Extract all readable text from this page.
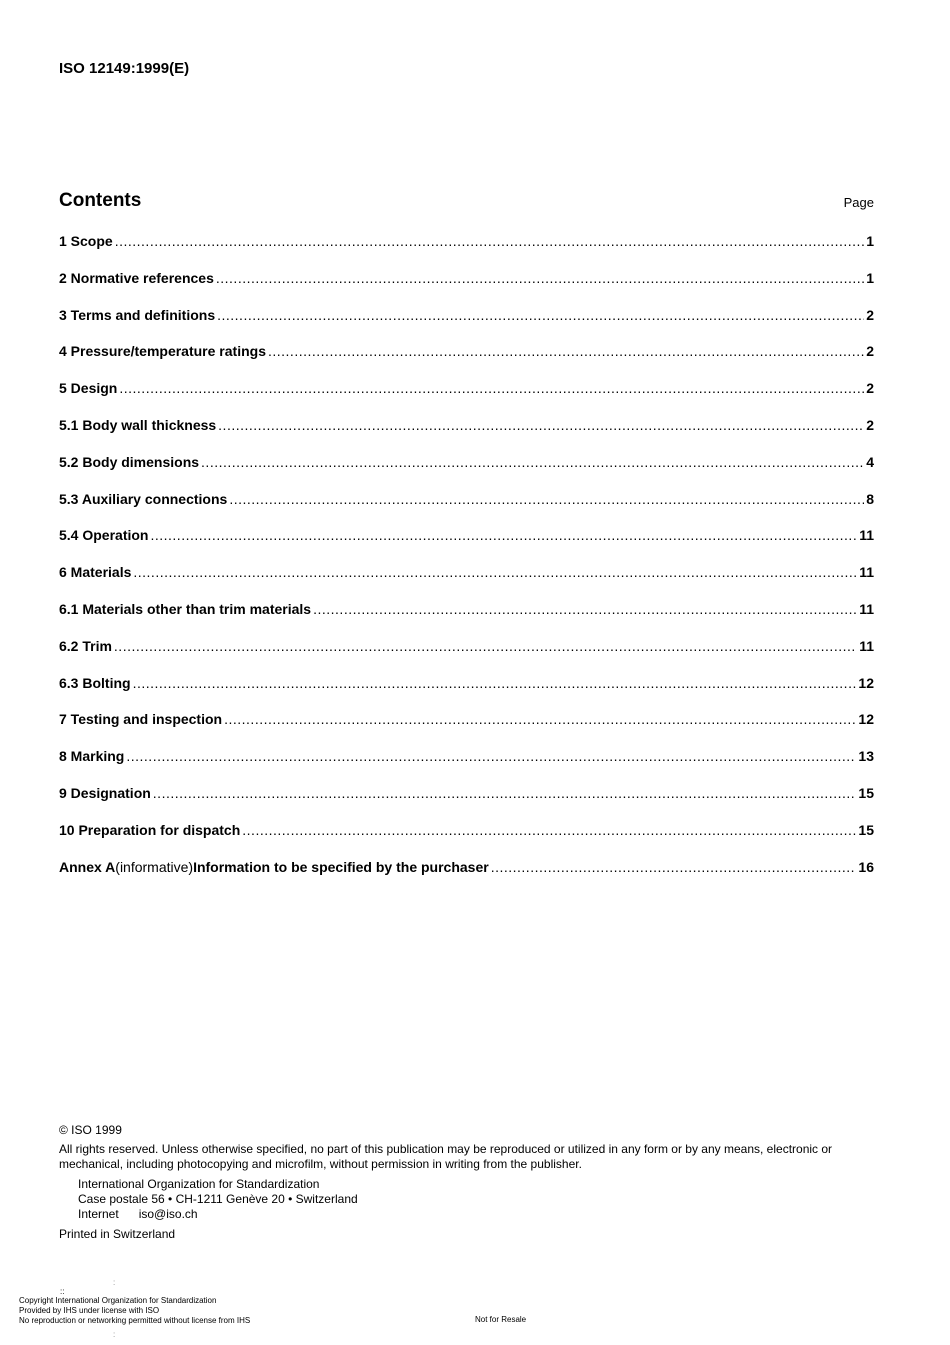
ISO 12149:1999(E)
Contents	Page
1 Scope .....	1
2 Normative references .....	1
3 Terms and definitions .....	2
4 Pressure/temperature ratings .....	2
5 Design .....	2
5.1 Body wall thickness .....	2
5.2 Body dimensions .....	4
5.3 Auxiliary connections .....	8
5.4 Operation .....	11
6 Materials .....	11
6.1 Materials other than trim materials .....	11
6.2 Trim .....	11
6.3 Bolting .....	12
7 Testing and inspection .....	12
8 Marking .....	13
9 Designation .....	15
10 Preparation for dispatch .....	15
Annex A (informative) Information to be specified by the purchaser .....	16

© ISO 1999

All rights reserved. Unless otherwise specified, no part of this publication may be reproduced or utilized in any form or by any means, electronic or mechanical, including photocopying and microfilm, without permission in writing from the publisher.

International Organization for Standardization
Case postale 56 • CH-1211 Genève 20 • Switzerland
Internet iso@iso.ch

Printed in Switzerland

::
:
:
Copyright International Organization for Standardization
Provided by IHS under license with ISO
No reproduction or networking permitted without license from IHS	Not for Resale
